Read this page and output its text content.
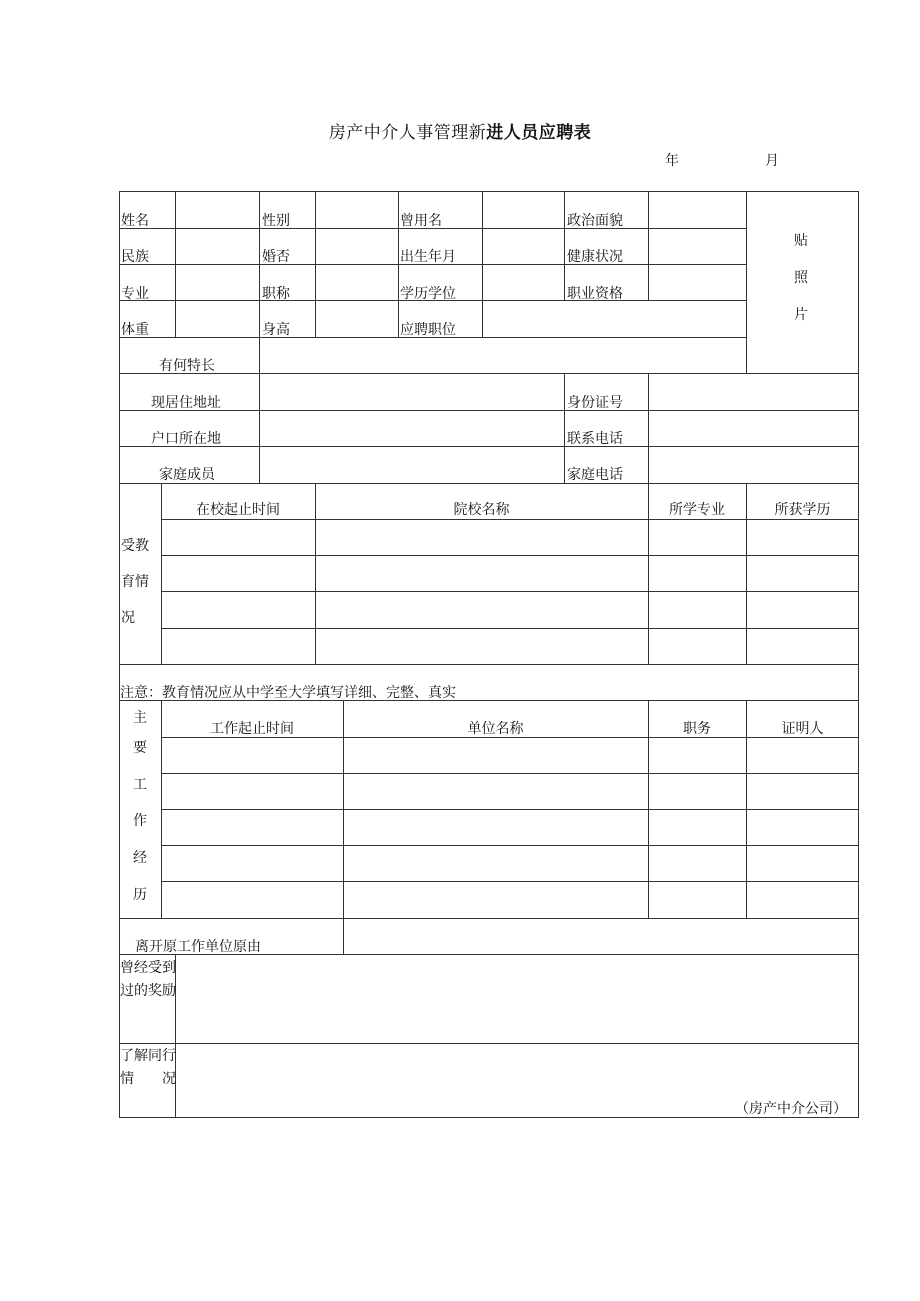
房产中介人事管理新进人员应聘表
年	月
姓名	性别	曾用名	政治面貌
民族	婚否	出生年月	健康状况
专业	职称	学历学位	职业资格
体重	身高	应聘职位
有何特长
贴
照
片
现居住地址	身份证号
户口所在地	联系电话
家庭成员	家庭电话
受教
育情
况
在校起止时间	院校名称	所学专业	所获学历
注意：教育情况应从中学至大学填写详细、完整、真实
主
要
工
作
经
历
工作起止时间	单位名称	职务	证明人
离开原工作单位原由
曾经受到过的奖励
了解同行情况
（房产中介公司）
